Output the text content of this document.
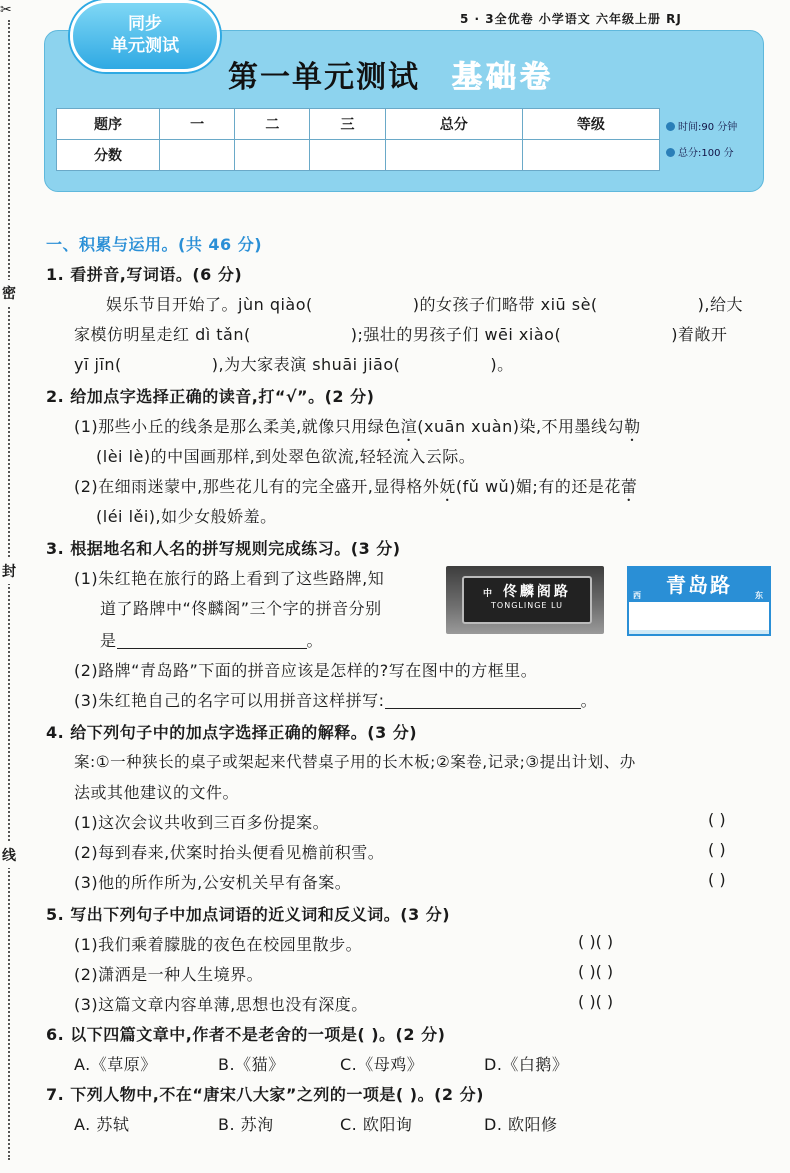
✂
密
封
线
5 · 3全优卷 小学语文 六年级上册 RJ
同步
单元测试
第一单元测试 基础卷
题序	一	二	三	总分	等级
分数					
时间:90 分钟
总分:100 分
一、积累与运用。(共 46 分)
1. 看拼音,写词语。(6 分)
娱乐节目开始了。jùn qiào(	)的女孩子们略带 xiū sè(	),给大
家模仿明星走红 dì tǎn(	);强壮的男孩子们 wēi xiào(	)着敞开
yī jīn(	),为大家表演 shuāi jiāo(	)。
2. 给加点字选择正确的读音,打“√”。(2 分)
(1)那些小丘的线条是那么柔美,就像只用绿色渲(xuān xuàn)染,不用墨线勾勒
(lèi lè)的中国画那样,到处翠色欲流,轻轻流入云际。
(2)在细雨迷蒙中,那些花儿有的完全盛开,显得格外妩(fǔ wǔ)媚;有的还是花蕾
(léi lěi),如少女般娇羞。
3. 根据地名和人名的拼写规则完成练习。(3 分)
(1)朱红艳在旅行的路上看到了这些路牌,知
道了路牌中“佟麟阁”三个字的拼音分别
是	。
(2)路牌“青岛路”下面的拼音应该是怎样的?写在图中的方框里。
(3)朱红艳自己的名字可以用拼音这样拼写:	。
中 佟麟阁路
TONGLINGE LU
青岛路
西	东
4. 给下列句子中的加点字选择正确的解释。(3 分)
案:①一种狭长的桌子或架起来代替桌子用的长木板;②案卷,记录;③提出计划、办
法或其他建议的文件。
(1)这次会议共收到三百多份提案。	( )
(2)每到春来,伏案时抬头便看见檐前积雪。	( )
(3)他的所作所为,公安机关早有备案。	( )
5. 写出下列句子中加点词语的近义词和反义词。(3 分)
(1)我们乘着朦胧的夜色在校园里散步。	( )( )
(2)潇洒是一种人生境界。	( )( )
(3)这篇文章内容单薄,思想也没有深度。	( )( )
6. 以下四篇文章中,作者不是老舍的一项是( )。(2 分)
A.《草原》	B.《猫》	C.《母鸡》	D.《白鹅》
7. 下列人物中,不在“唐宋八大家”之列的一项是( )。(2 分)
A. 苏轼	B. 苏洵	C. 欧阳询	D. 欧阳修
